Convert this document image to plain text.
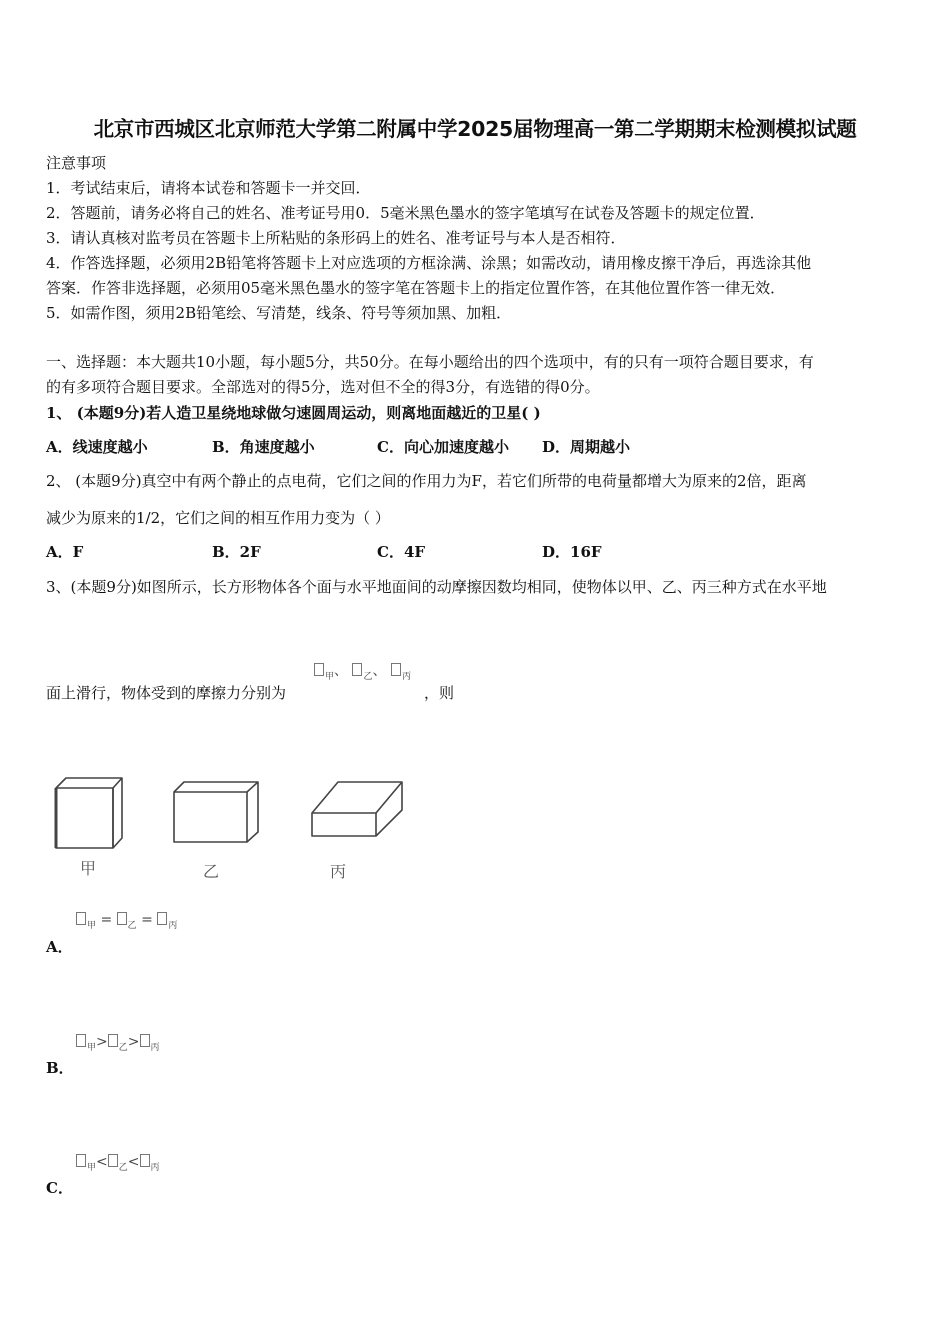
北京市西城区北京师范大学第二附属中学2025届物理高一第二学期期末检测模拟试题
注意事项
1．考试结束后，请将本试卷和答题卡一并交回．
2．答题前，请务必将自己的姓名、准考证号用0．5毫米黑色墨水的签字笔填写在试卷及答题卡的规定位置．
3．请认真核对监考员在答题卡上所粘贴的条形码上的姓名、准考证号与本人是否相符．
4．作答选择题，必须用2B铅笔将答题卡上对应选项的方框涂满、涂黑；如需改动，请用橡皮擦干净后，再选涂其他
答案．作答非选择题，必须用05毫米黑色墨水的签字笔在答题卡上的指定位置作答，在其他位置作答一律无效．
5．如需作图，须用2B铅笔绘、写清楚，线条、符号等须加黑、加粗．
一、选择题：本大题共10小题，每小题5分，共50分。在每小题给出的四个选项中，有的只有一项符合题目要求，有
的有多项符合题目要求。全部选对的得5分，选对但不全的得3分，有选错的得0分。
1、 (本题9分)若人造卫星绕地球做匀速圆周运动，则离地面越近的卫星( )
A．线速度越小	B．角速度越小	C．向心加速度越小 D．周期越小
2、 (本题9分)真空中有两个静止的点电荷，它们之间的作用力为F，若它们所带的电荷量都增大为原来的2倍，距离
减少为原来的1/2，它们之间的相互作用力变为（ ）
A．F	B．2F	C．4F	D．16F
3、(本题9分)如图所示，长方形物体各个面与水平地面间的动摩擦因数均相同，使物体以甲、乙、丙三种方式在水平地
$_甲$、 $_乙$、 $_丙$
面上滑行，物体受到的摩擦力分别为	，则
甲	乙	丙
$_甲$ = $_乙$ = $_丙$
A．
$_甲$> $_乙$> $_丙$
B．
$_甲$< $_乙$< $_丙$
C．
